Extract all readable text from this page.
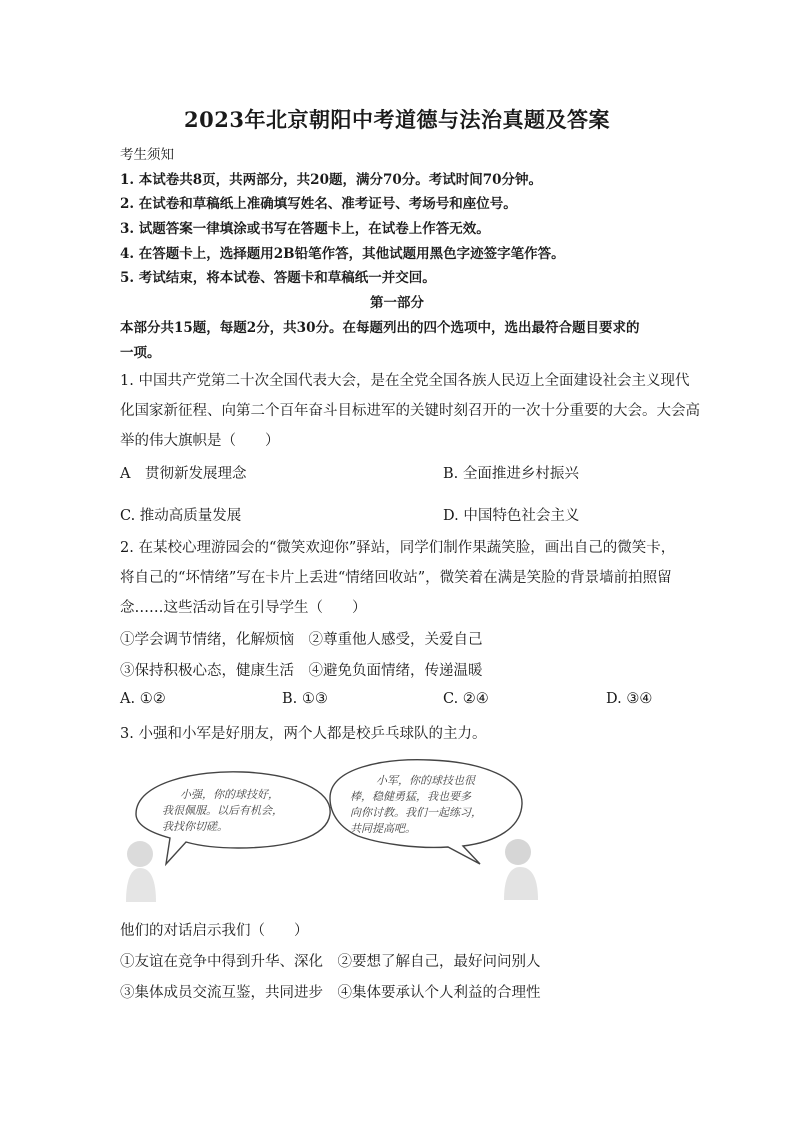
2023年北京朝阳中考道德与法治真题及答案
考生须知
1. 本试卷共8页，共两部分，共20题，满分70分。考试时间70分钟。
2. 在试卷和草稿纸上准确填写姓名、准考证号、考场号和座位号。
3. 试题答案一律填涂或书写在答题卡上，在试卷上作答无效。
4. 在答题卡上，选择题用2B铅笔作答，其他试题用黑色字迹签字笔作答。
5. 考试结束，将本试卷、答题卡和草稿纸一并交回。
第一部分
本部分共15题，每题2分，共30分。在每题列出的四个选项中，选出最符合题目要求的
一项。
1. 中国共产党第二十次全国代表大会，是在全党全国各族人民迈上全面建设社会主义现代
化国家新征程、向第二个百年奋斗目标进军的关键时刻召开的一次十分重要的大会。大会高
举的伟大旗帜是（　　）
A　贯彻新发展理念	B. 全面推进乡村振兴
C. 推动高质量发展	D. 中国特色社会主义
2. 在某校心理游园会的“微笑欢迎你”驿站，同学们制作果蔬笑脸，画出自己的微笑卡，
将自己的“坏情绪”写在卡片上丢进“情绪回收站”，微笑着在满是笑脸的背景墙前拍照留
念……这些活动旨在引导学生（　　）
①学会调节情绪，化解烦恼　②尊重他人感受，关爱自己
③保持积极心态，健康生活　④避免负面情绪，传递温暖
A. ①②	B. ①③	C. ②④	D. ③④
3. 小强和小军是好朋友，两个人都是校乒乓球队的主力。
小强，你的球技好，
我很佩服。以后有机会，
我找你切磋。
小军，你的球技也很
棒，稳健勇猛，我也要多
向你讨教。我们一起练习，
共同提高吧。
他们的对话启示我们（　　）
①友谊在竞争中得到升华、深化　②要想了解自己，最好问问别人
③集体成员交流互鉴，共同进步　④集体要承认个人利益的合理性
